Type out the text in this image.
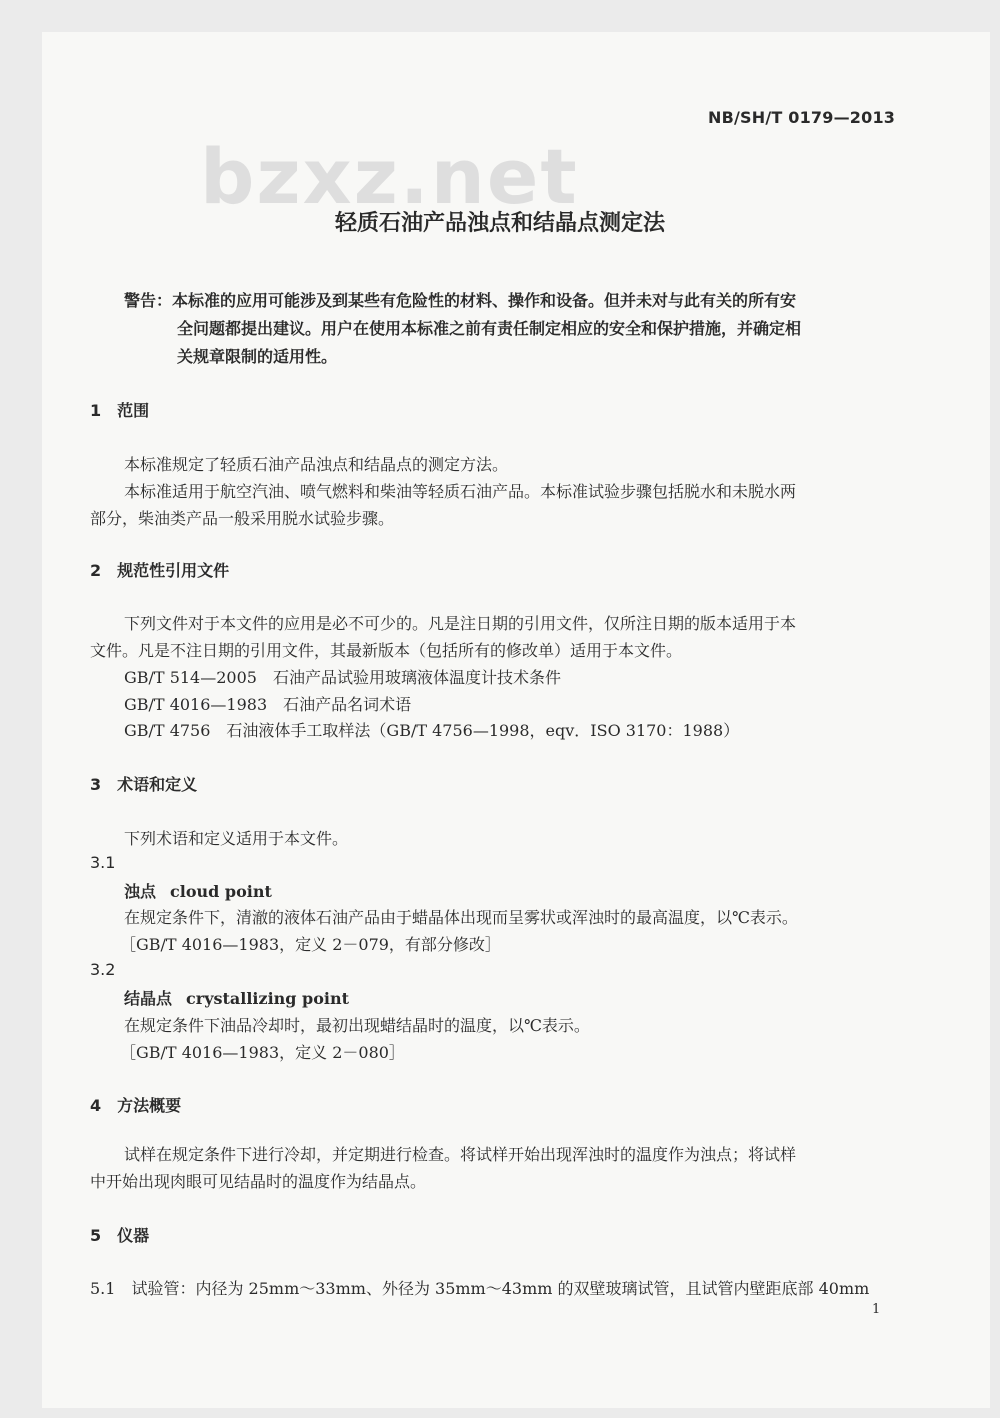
NB/SH/T 0179—2013
bzxz.net
轻质石油产品浊点和结晶点测定法
警告：本标准的应用可能涉及到某些有危险性的材料、操作和设备。但并未对与此有关的所有安
全问题都提出建议。用户在使用本标准之前有责任制定相应的安全和保护措施，并确定相
关规章限制的适用性。
1　范围
本标准规定了轻质石油产品浊点和结晶点的测定方法。
本标准适用于航空汽油、喷气燃料和柴油等轻质石油产品。本标准试验步骤包括脱水和未脱水两
部分，柴油类产品一般采用脱水试验步骤。
2　规范性引用文件
下列文件对于本文件的应用是必不可少的。凡是注日期的引用文件，仅所注日期的版本适用于本
文件。凡是不注日期的引用文件，其最新版本（包括所有的修改单）适用于本文件。
GB/T 514—2005　石油产品试验用玻璃液体温度计技术条件
GB/T 4016—1983　石油产品名词术语
GB/T 4756　石油液体手工取样法（GB/T 4756—1998，eqv．ISO 3170：1988）
3　术语和定义
下列术语和定义适用于本文件。
3.1
浊点 cloud point
在规定条件下，清澈的液体石油产品由于蜡晶体出现而呈雾状或浑浊时的最高温度，以℃表示。
［GB/T 4016—1983，定义 2－079，有部分修改］
3.2
结晶点 crystallizing point
在规定条件下油品冷却时，最初出现蜡结晶时的温度，以℃表示。
［GB/T 4016—1983，定义 2－080］
4　方法概要
试样在规定条件下进行冷却，并定期进行检查。将试样开始出现浑浊时的温度作为浊点；将试样
中开始出现肉眼可见结晶时的温度作为结晶点。
5　仪器
5.1　试验管：内径为 25mm～33mm、外径为 35mm～43mm 的双壁玻璃试管，且试管内壁距底部 40mm
1
